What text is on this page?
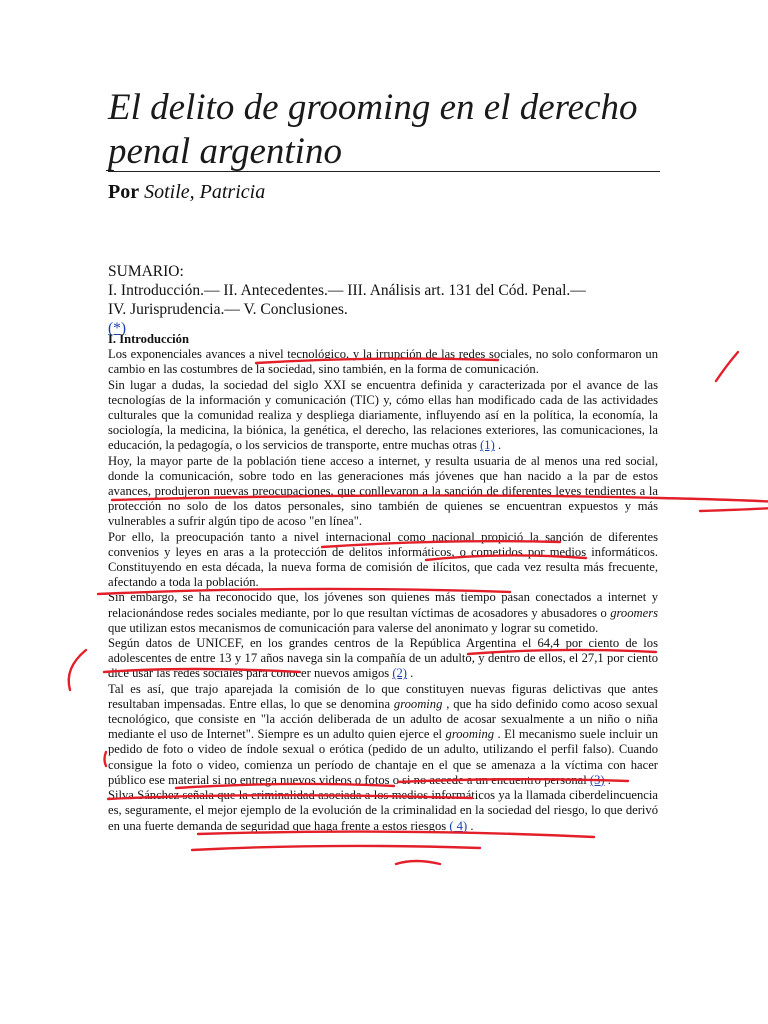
El delito de grooming en el derecho penal argentino
Por Sotile, Patricia
SUMARIO:
I. Introducción.— II. Antecedentes.— III. Análisis art. 131 del Cód. Penal.—
IV. Jurisprudencia.— V. Conclusiones.
(*)

I. Introducción

Los exponenciales avances a nivel tecnológico, y la irrupción de las redes sociales, no solo conformaron un cambio en las costumbres de la sociedad, sino también, en la forma de comunicación.

Sin lugar a dudas, la sociedad del siglo XXI se encuentra definida y caracterizada por el avance de las tecnologías de la información y comunicación (TIC) y, cómo ellas han modificado cada de las actividades culturales que la comunidad realiza y despliega diariamente, influyendo así en la política, la economía, la sociología, la medicina, la biónica, la genética, el derecho, las relaciones exteriores, las comunicaciones, la educación, la pedagogía, o los servicios de transporte, entre muchas otras (1) .

Hoy, la mayor parte de la población tiene acceso a internet, y resulta usuaria de al menos una red social, donde la comunicación, sobre todo en las generaciones más jóvenes que han nacido a la par de estos avances, produjeron nuevas preocupaciones, que conllevaron a la sanción de diferentes leyes tendientes a la protección no solo de los datos personales, sino también de quienes se encuentran expuestos y más vulnerables a sufrir algún tipo de acoso "en línea".

Por ello, la preocupación tanto a nivel internacional como nacional propició la sanción de diferentes convenios y leyes en aras a la protección de delitos informáticos, o cometidos por medios informáticos. Constituyendo en esta década, la nueva forma de comisión de ilícitos, que cada vez resulta más frecuente, afectando a toda la población.

Sin embargo, se ha reconocido que, los jóvenes son quienes más tiempo pasan conectados a internet y relacionándose redes sociales mediante, por lo que resultan víctimas de acosadores y abusadores o groomers que utilizan estos mecanismos de comunicación para valerse del anonimato y lograr su cometido.

Según datos de UNICEF, en los grandes centros de la República Argentina el 64,4 por ciento de los adolescentes de entre 13 y 17 años navega sin la compañía de un adulto, y dentro de ellos, el 27,1 por ciento dice usar las redes sociales para conocer nuevos amigos (2) .

Tal es así, que trajo aparejada la comisión de lo que constituyen nuevas figuras delictivas que antes resultaban impensadas. Entre ellas, lo que se denomina grooming , que ha sido definido como acoso sexual tecnológico, que consiste en "la acción deliberada de un adulto de acosar sexualmente a un niño o niña mediante el uso de Internet". Siempre es un adulto quien ejerce el grooming . El mecanismo suele incluir un pedido de foto o video de índole sexual o erótica (pedido de un adulto, utilizando el perfil falso). Cuando consigue la foto o video, comienza un período de chantaje en el que se amenaza a la víctima con hacer público ese material si no entrega nuevos videos o fotos o si no accede a un encuentro personal (3) .

Silva Sánchez señala que la criminalidad asociada a los medios informáticos ya la llamada ciberdelincuencia es, seguramente, el mejor ejemplo de la evolución de la criminalidad en la sociedad del riesgo, lo que derivó en una fuerte demanda de seguridad que haga frente a estos riesgos ( 4) .
